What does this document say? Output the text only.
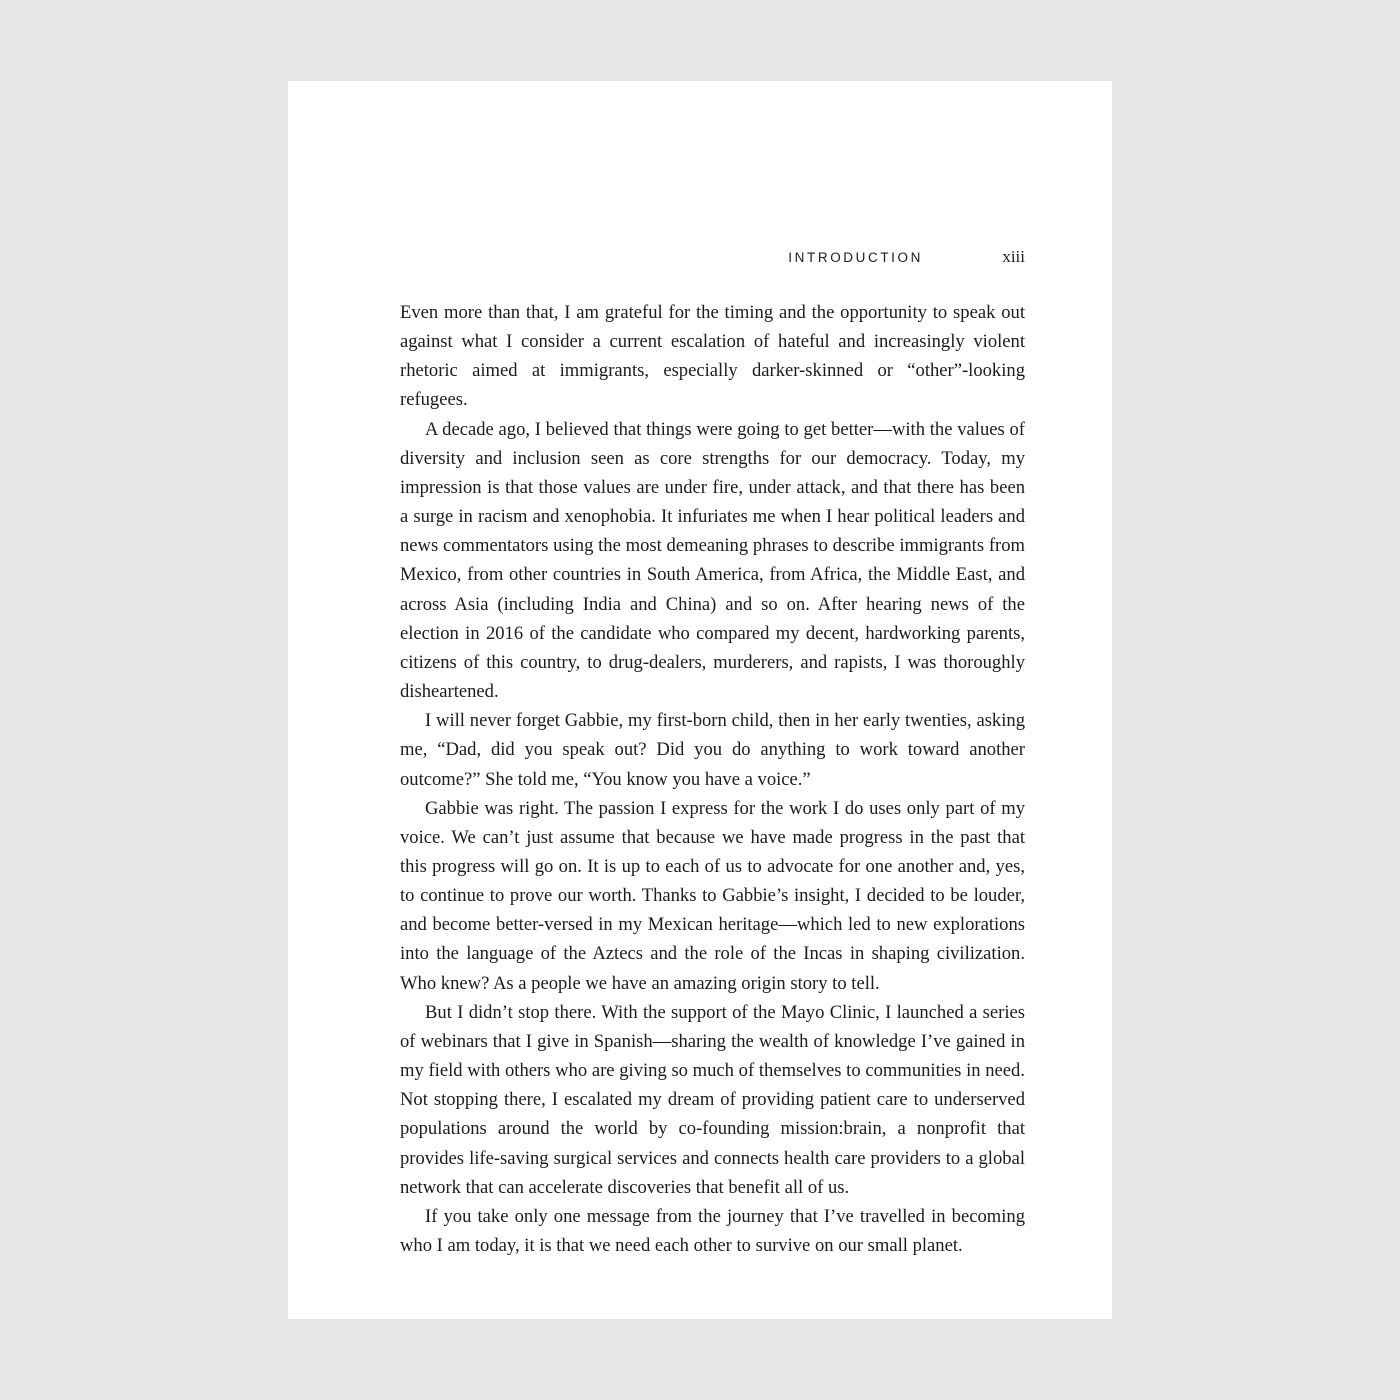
INTRODUCTION	xiii

Even more than that, I am grateful for the timing and the opportunity to speak out against what I consider a current escalation of hateful and increasingly violent rhetoric aimed at immigrants, especially darker-skinned or “other”-looking refugees.

A decade ago, I believed that things were going to get better—with the values of diversity and inclusion seen as core strengths for our democracy. Today, my impression is that those values are under fire, under attack, and that there has been a surge in racism and xenophobia. It infuriates me when I hear political leaders and news commentators using the most demeaning phrases to describe immigrants from Mexico, from other countries in South America, from Africa, the Middle East, and across Asia (including India and China) and so on. After hearing news of the election in 2016 of the candidate who compared my decent, hardworking parents, citizens of this country, to drug-dealers, murderers, and rapists, I was thoroughly disheartened.

I will never forget Gabbie, my first-born child, then in her early twenties, asking me, “Dad, did you speak out? Did you do anything to work toward another outcome?” She told me, “You know you have a voice.”

Gabbie was right. The passion I express for the work I do uses only part of my voice. We can’t just assume that because we have made progress in the past that this progress will go on. It is up to each of us to advocate for one another and, yes, to continue to prove our worth. Thanks to Gabbie’s insight, I decided to be louder, and become better-versed in my Mexican heritage—which led to new explorations into the language of the Aztecs and the role of the Incas in shaping civilization. Who knew? As a people we have an amazing origin story to tell.

But I didn’t stop there. With the support of the Mayo Clinic, I launched a series of webinars that I give in Spanish—sharing the wealth of knowledge I’ve gained in my field with others who are giving so much of themselves to communities in need. Not stopping there, I escalated my dream of providing patient care to underserved populations around the world by co-founding mission:brain, a nonprofit that provides life-saving surgical services and connects health care providers to a global network that can accelerate discoveries that benefit all of us.

If you take only one message from the journey that I’ve travelled in becoming who I am today, it is that we need each other to survive on our small planet.
